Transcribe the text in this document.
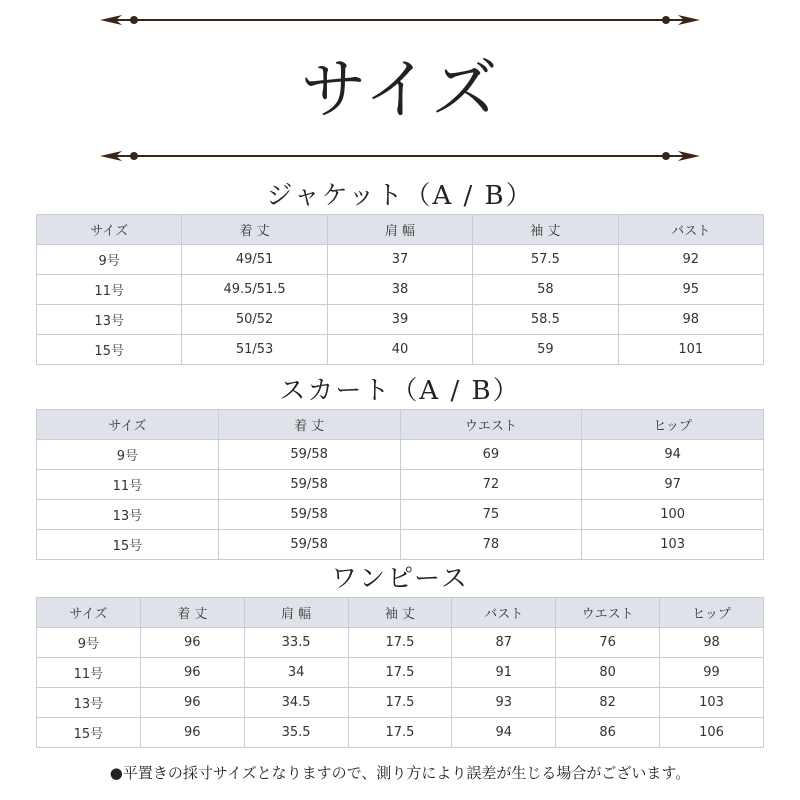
サイズ
ジャケット（A / B）
サイズ	着 丈	肩 幅	袖 丈	バスト
9号	49/51	37	57.5	92
11号	49.5/51.5	38	58	95
13号	50/52	39	58.5	98
15号	51/53	40	59	101
スカート（A / B）
サイズ	着 丈	ウエスト	ヒップ
9号	59/58	69	94
11号	59/58	72	97
13号	59/58	75	100
15号	59/58	78	103
ワンピース
サイズ	着 丈	肩 幅	袖 丈	バスト	ウエスト	ヒップ
9号	96	33.5	17.5	87	76	98
11号	96	34	17.5	91	80	99
13号	96	34.5	17.5	93	82	103
15号	96	35.5	17.5	94	86	106
●平置きの採寸サイズとなりますので、測り方により誤差が生じる場合がございます。
